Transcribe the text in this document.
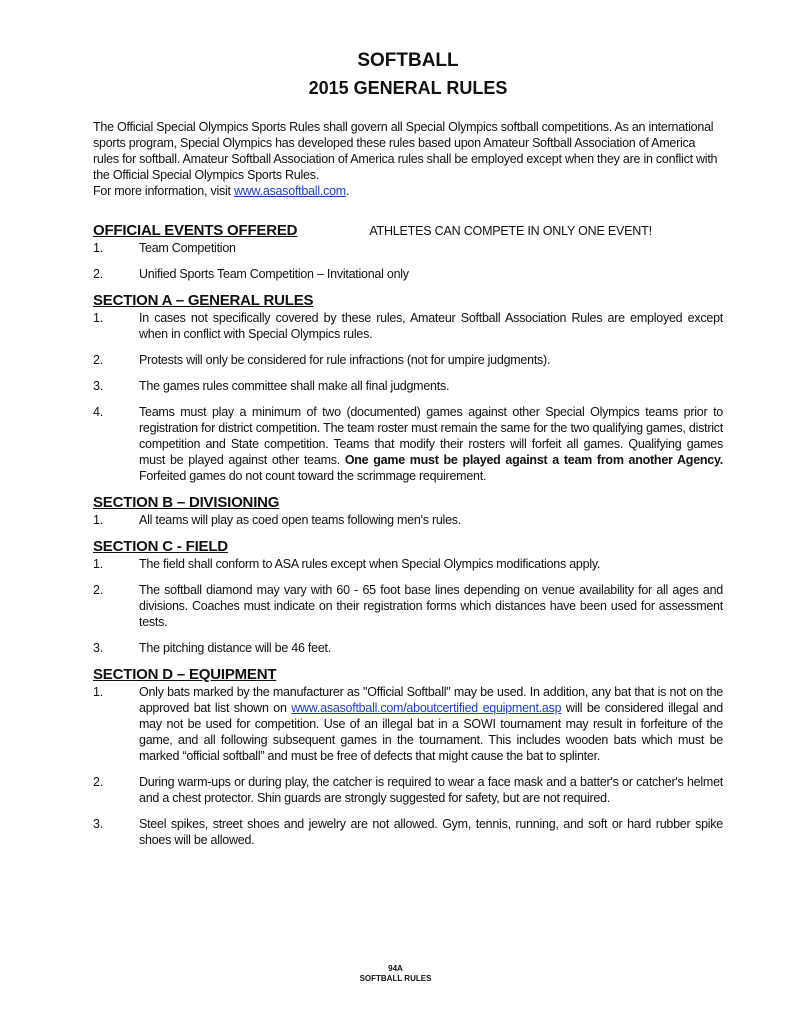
SOFTBALL
2015 GENERAL RULES

The Official Special Olympics Sports Rules shall govern all Special Olympics softball competitions. As an international sports program, Special Olympics has developed these rules based upon Amateur Softball Association of America rules for softball. Amateur Softball Association of America rules shall be employed except when they are in conflict with the Official Special Olympics Sports Rules.

For more information, visit www.asasoftball.com.

OFFICIAL EVENTS OFFERED	ATHLETES CAN COMPETE IN ONLY ONE EVENT!
1.	Team Competition
2.	Unified Sports Team Competition – Invitational only
SECTION A – GENERAL RULES
1.	In cases not specifically covered by these rules, Amateur Softball Association Rules are employed except when in conflict with Special Olympics rules.
2.	Protests will only be considered for rule infractions (not for umpire judgments).
3.	The games rules committee shall make all final judgments.
4.	Teams must play a minimum of two (documented) games against other Special Olympics teams prior to registration for district competition. The team roster must remain the same for the two qualifying games, district competition and State competition. Teams that modify their rosters will forfeit all games. Qualifying games must be played against other teams. One game must be played against a team from another Agency. Forfeited games do not count toward the scrimmage requirement.
SECTION B – DIVISIONING
1.	All teams will play as coed open teams following men's rules.
SECTION C - FIELD
1.	The field shall conform to ASA rules except when Special Olympics modifications apply.
2.	The softball diamond may vary with 60 - 65 foot base lines depending on venue availability for all ages and divisions. Coaches must indicate on their registration forms which distances have been used for assessment tests.
3.	The pitching distance will be 46 feet.
SECTION D – EQUIPMENT
1.	Only bats marked by the manufacturer as "Official Softball" may be used. In addition, any bat that is not on the approved bat list shown on www.asasoftball.com/aboutcertified equipment.asp will be considered illegal and may not be used for competition. Use of an illegal bat in a SOWI tournament may result in forfeiture of the game, and all following subsequent games in the tournament. This includes wooden bats which must be marked “official softball” and must be free of defects that might cause the bat to splinter.
2.	During warm-ups or during play, the catcher is required to wear a face mask and a batter's or catcher's helmet and a chest protector. Shin guards are strongly suggested for safety, but are not required.
3.	Steel spikes, street shoes and jewelry are not allowed. Gym, tennis, running, and soft or hard rubber spike shoes will be allowed.
94A
SOFTBALL RULES
